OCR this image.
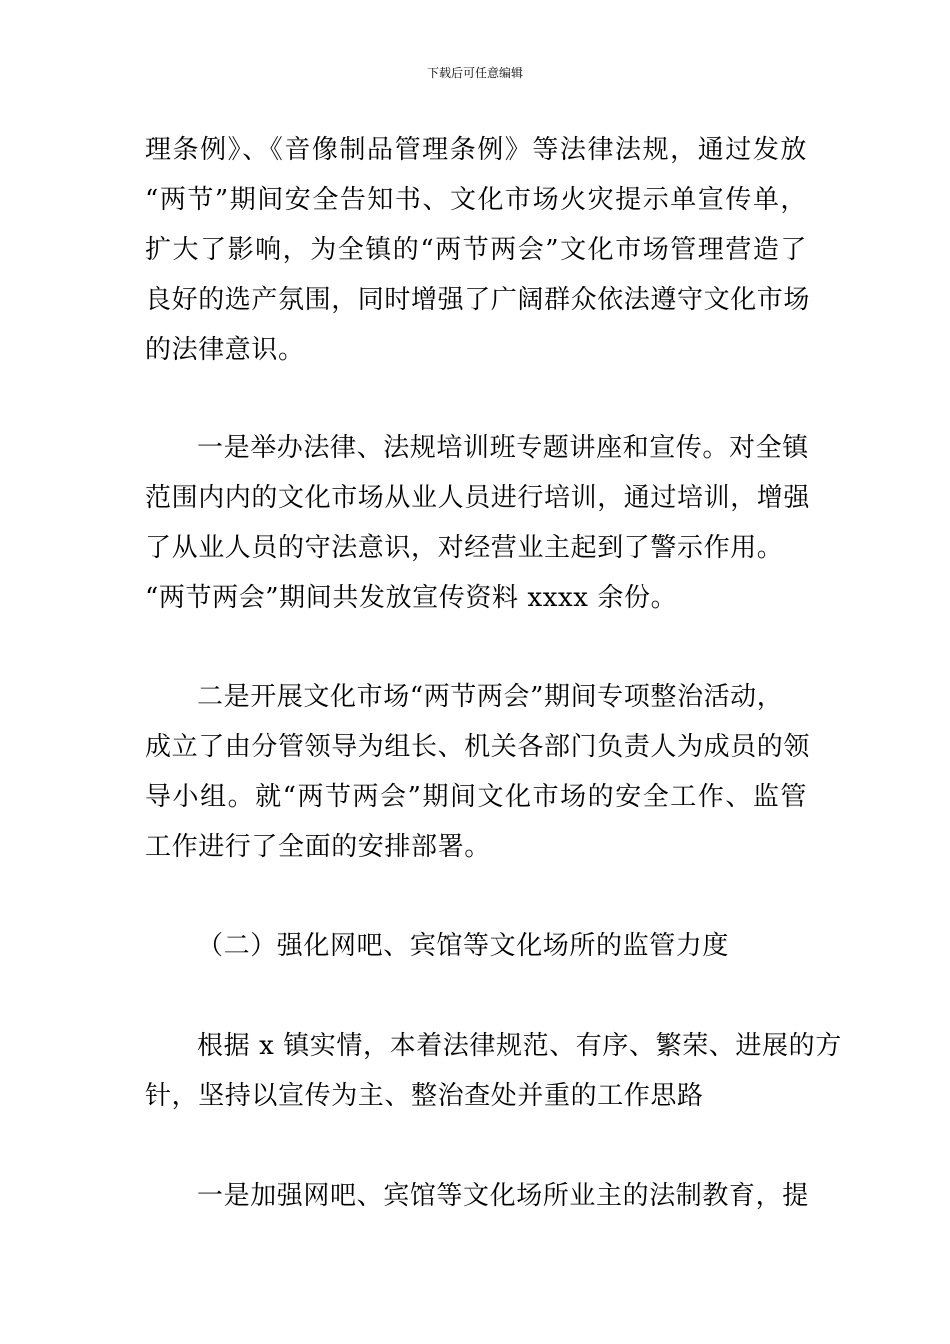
下载后可任意编辑
理条例》、《音像制品管理条例》等法律法规，通过发放
“两节”期间安全告知书、文化市场火灾提示单宣传单，
扩大了影响，为全镇的“两节两会”文化市场管理营造了
良好的选产氛围，同时增强了广阔群众依法遵守文化市场
的法律意识。
一是举办法律、法规培训班专题讲座和宣传。对全镇
范围内内的文化市场从业人员进行培训，通过培训，增强
了从业人员的守法意识，对经营业主起到了警示作用。
“两节两会”期间共发放宣传资料 xxxx 余份。
二是开展文化市场“两节两会”期间专项整治活动，
成立了由分管领导为组长、机关各部门负责人为成员的领
导小组。就“两节两会”期间文化市场的安全工作、监管
工作进行了全面的安排部署。
（二）强化网吧、宾馆等文化场所的监管力度
根据 x 镇实情，本着法律规范、有序、繁荣、进展的方
针，坚持以宣传为主、整治查处并重的工作思路
一是加强网吧、宾馆等文化场所业主的法制教育，提
